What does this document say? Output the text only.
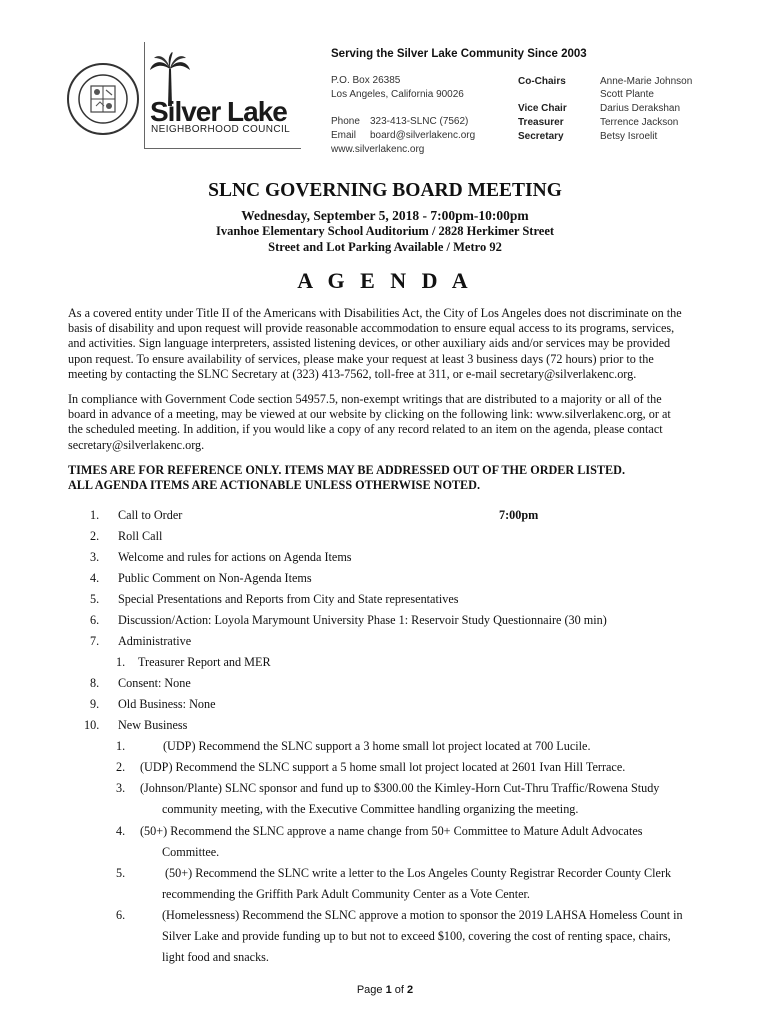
Silver Lake
NEIGHBORHOOD COUNCIL
Serving the Silver Lake Community Since 2003
P.O. Box 26385
Los Angeles, California 90026
Phone 323-413-SLNC (7562)
Email board@silverlakenc.org
www.silverlakenc.org
Co-Chairs	Anne-Marie Johnson
Scott Plante
Vice Chair	Darius Derakshan
Treasurer	Terrence Jackson
Secretary	Betsy Isroelit
SLNC GOVERNING BOARD MEETING
Wednesday, September 5, 2018 - 7:00pm-10:00pm
Ivanhoe Elementary School Auditorium / 2828 Herkimer Street
Street and Lot Parking Available / Metro 92
A G E N D A
As a covered entity under Title II of the Americans with Disabilities Act, the City of Los Angeles does not discriminate on the
basis of disability and upon request will provide reasonable accommodation to ensure equal access to its programs, services,
and activities. Sign language interpreters, assisted listening devices, or other auxiliary aids and/or services may be provided
upon request. To ensure availability of services, please make your request at least 3 business days (72 hours) prior to the
meeting by contacting the SLNC Secretary at (323) 413-7562, toll-free at 311, or e-mail secretary@silverlakenc.org.
In compliance with Government Code section 54957.5, non-exempt writings that are distributed to a majority or all of the
board in advance of a meeting, may be viewed at our website by clicking on the following link: www.silverlakenc.org, or at
the scheduled meeting. In addition, if you would like a copy of any record related to an item on the agenda, please contact
secretary@silverlakenc.org.
TIMES ARE FOR REFERENCE ONLY. ITEMS MAY BE ADDRESSED OUT OF THE ORDER LISTED.
ALL AGENDA ITEMS ARE ACTIONABLE UNLESS OTHERWISE NOTED.
1. Call to Order	7:00pm
2. Roll Call
3. Welcome and rules for actions on Agenda Items
4. Public Comment on Non-Agenda Items
5. Special Presentations and Reports from City and State representatives
6. Discussion/Action: Loyola Marymount University Phase 1: Reservoir Study Questionnaire (30 min)
7. Administrative
1. Treasurer Report and MER
8. Consent: None
9. Old Business: None
10. New Business
1.	(UDP) Recommend the SLNC support a 3 home small lot project located at 700 Lucile.
2. (UDP) Recommend the SLNC support a 5 home small lot project located at 2601 Ivan Hill Terrace.
3. (Johnson/Plante) SLNC sponsor and fund up to $300.00 the Kimley-Horn Cut-Thru Traffic/Rowena Study
community meeting, with the Executive Committee handling organizing the meeting.
4. (50+) Recommend the SLNC approve a name change from 50+ Committee to Mature Adult Advocates
Committee.
5.	(50+) Recommend the SLNC write a letter to the Los Angeles County Registrar Recorder County Clerk
recommending the Griffith Park Adult Community Center as a Vote Center.
6.	(Homelessness) Recommend the SLNC approve a motion to sponsor the 2019 LAHSA Homeless Count in
Silver Lake and provide funding up to but not to exceed $100, covering the cost of renting space, chairs,
light food and snacks.
Page 1 of 2
